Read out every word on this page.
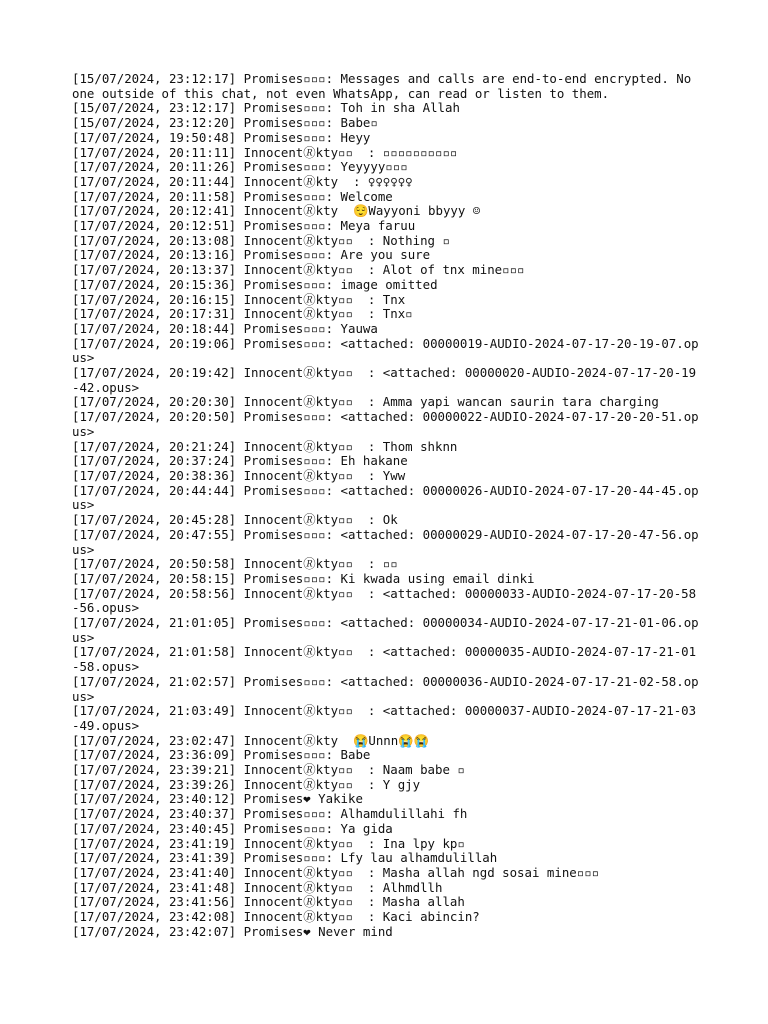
[15/07/2024, 23:12:17] Promises▫▫▫: Messages and calls are end-to-end encrypted. No one outside of this chat, not even WhatsApp, can read or listen to them.
[15/07/2024, 23:12:17] Promises▫▫▫: Toh in sha Allah
[15/07/2024, 23:12:20] Promises▫▫▫: Babe▫
[17/07/2024, 19:50:48] Promises▫▫▫: Heyy
[17/07/2024, 20:11:11] Innocent🄬kty▫▫  : ▫▫▫▫▫▫▫▫▫▫
[17/07/2024, 20:11:26] Promises▫▫▫: Yeyyyy▫▫▫
[17/07/2024, 20:11:44] Innocent🄬kty  : ♀♀♀♀♀♀
[17/07/2024, 20:11:58] Promises▫▫▫: Welcome
[17/07/2024, 20:12:41] Innocent🄬kty  😌Wayyoni bbyyy ☺
[17/07/2024, 20:12:51] Promises▫▫▫: Meya faruu
[17/07/2024, 20:13:08] Innocent🄬kty▫▫  : Nothing ▫
[17/07/2024, 20:13:16] Promises▫▫▫: Are you sure
[17/07/2024, 20:13:37] Innocent🄬kty▫▫  : Alot of tnx mine▫▫▫
[17/07/2024, 20:15:36] Promises▫▫▫: image omitted
[17/07/2024, 20:16:15] Innocent🄬kty▫▫  : Tnx
[17/07/2024, 20:17:31] Innocent🄬kty▫▫  : Tnx▫
[17/07/2024, 20:18:44] Promises▫▫▫: Yauwa
[17/07/2024, 20:19:06] Promises▫▫▫: <attached: 00000019-AUDIO-2024-07-17-20-19-07.opus>
[17/07/2024, 20:19:42] Innocent🄬kty▫▫  : <attached: 00000020-AUDIO-2024-07-17-20-19-42.opus>
[17/07/2024, 20:20:30] Innocent🄬kty▫▫  : Amma yapi wancan saurin tara charging
[17/07/2024, 20:20:50] Promises▫▫▫: <attached: 00000022-AUDIO-2024-07-17-20-20-51.opus>
[17/07/2024, 20:21:24] Innocent🄬kty▫▫  : Thom shknn
[17/07/2024, 20:37:24] Promises▫▫▫: Eh hakane
[17/07/2024, 20:38:36] Innocent🄬kty▫▫  : Yww
[17/07/2024, 20:44:44] Promises▫▫▫: <attached: 00000026-AUDIO-2024-07-17-20-44-45.opus>
[17/07/2024, 20:45:28] Innocent🄬kty▫▫  : Ok
[17/07/2024, 20:47:55] Promises▫▫▫: <attached: 00000029-AUDIO-2024-07-17-20-47-56.opus>
[17/07/2024, 20:50:58] Innocent🄬kty▫▫  : ▫▫
[17/07/2024, 20:58:15] Promises▫▫▫: Ki kwada using email dinki
[17/07/2024, 20:58:56] Innocent🄬kty▫▫  : <attached: 00000033-AUDIO-2024-07-17-20-58-56.opus>
[17/07/2024, 21:01:05] Promises▫▫▫: <attached: 00000034-AUDIO-2024-07-17-21-01-06.opus>
[17/07/2024, 21:01:58] Innocent🄬kty▫▫  : <attached: 00000035-AUDIO-2024-07-17-21-01-58.opus>
[17/07/2024, 21:02:57] Promises▫▫▫: <attached: 00000036-AUDIO-2024-07-17-21-02-58.opus>
[17/07/2024, 21:03:49] Innocent🄬kty▫▫  : <attached: 00000037-AUDIO-2024-07-17-21-03-49.opus>
[17/07/2024, 23:02:47] Innocent🄬kty  😭Unnn😭😭
[17/07/2024, 23:36:09] Promises▫▫▫: Babe
[17/07/2024, 23:39:21] Innocent🄬kty▫▫  : Naam babe ▫
[17/07/2024, 23:39:26] Innocent🄬kty▫▫  : Y gjy
[17/07/2024, 23:40:12] Promises❤ Yakike
[17/07/2024, 23:40:37] Promises▫▫▫: Alhamdulillahi fh
[17/07/2024, 23:40:45] Promises▫▫▫: Ya gida
[17/07/2024, 23:41:19] Innocent🄬kty▫▫  : Ina lpy kp▫
[17/07/2024, 23:41:39] Promises▫▫▫: Lfy lau alhamdulillah
[17/07/2024, 23:41:40] Innocent🄬kty▫▫  : Masha allah ngd sosai mine▫▫▫
[17/07/2024, 23:41:48] Innocent🄬kty▫▫  : Alhmdllh
[17/07/2024, 23:41:56] Innocent🄬kty▫▫  : Masha allah
[17/07/2024, 23:42:08] Innocent🄬kty▫▫  : Kaci abincin?
[17/07/2024, 23:42:07] Promises❤ Never mind
